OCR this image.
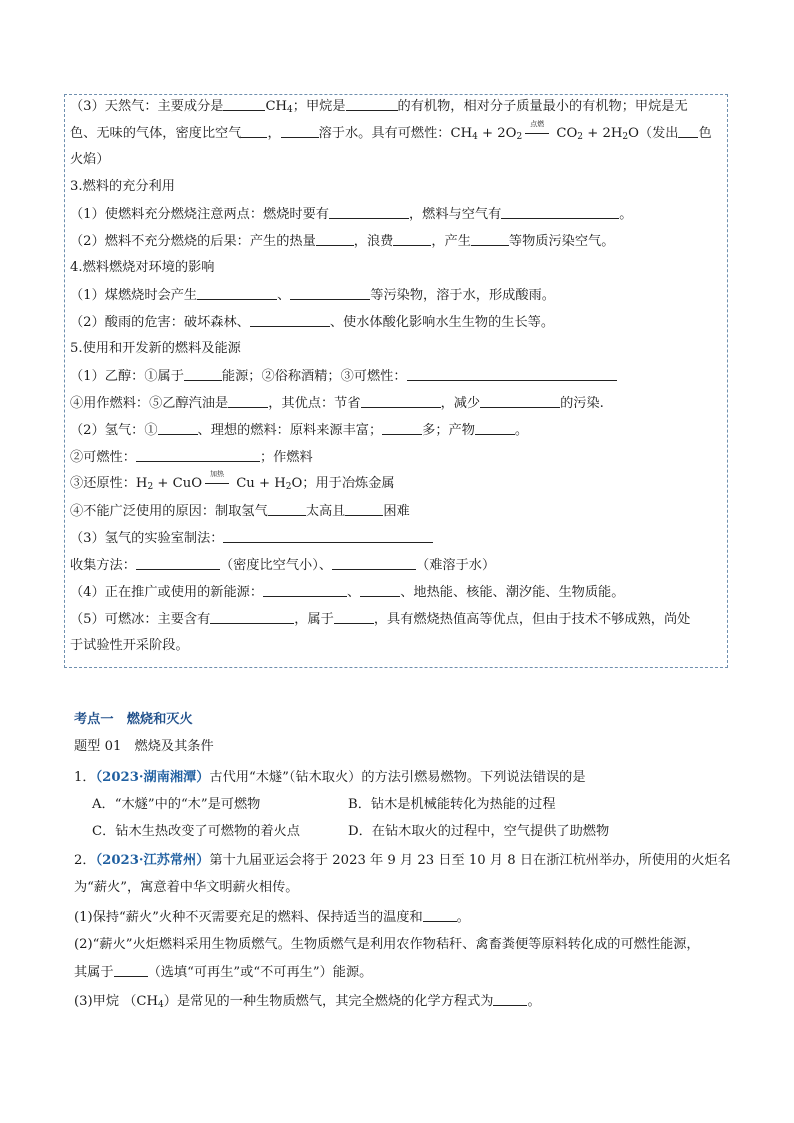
（3）天然气：主要成分是	$CH_4$；甲烷是	的有机物，相对分子质量最小的有机物；甲烷是无
色、无味的气体，密度比空气 ，	溶于水。具有可燃性：$CH_4 + 2O_2$
点燃
$CO_2 + 2H_2O$（发出 色
火焰）
3.燃料的充分利用
（1）使燃料充分燃烧注意两点：燃烧时要有	，燃料与空气有	。
（2）燃料不充分燃烧的后果：产生的热量	，浪费	，产生	等物质污染空气。
4.燃料燃烧对环境的影响
（1）煤燃烧时会产生	、	等污染物，溶于水，形成酸雨。
（2）酸雨的危害：破坏森林、	、使水体酸化影响水生生物的生长等。
5.使用和开发新的燃料及能源
（1）乙醇：①属于	能源；②俗称酒精；③可燃性：
④用作燃料：⑤乙醇汽油是	，其优点：节省	，减少	的污染.
（2）氢气：①	、理想的燃料：原料来源丰富；	多；产物	。
②可燃性：	；作燃料
③还原性：$H_2$ + CuO
加热
$Cu + H_2O$；用于冶炼金属
④不能广泛使用的原因：制取氢气	太高且	困难
（3）氢气的实验室制法：
收集方法：	（密度比空气小）、	（难溶于水）
（4）正在推广或使用的新能源：	、	、地热能、核能、潮汐能、生物质能。
（5）可燃冰：主要含有	，属于	，具有燃烧热值高等优点，但由于技术不够成熟，尚处
于试验性开采阶段。
考点一　燃烧和灭火
题型 01　燃烧及其条件
1．（2023·湖南湘潭）古代用“木燧”（钻木取火）的方法引燃易燃物。下列说法错误的是
A．“木燧”中的“木”是可燃物	B．钻木是机械能转化为热能的过程
C．钻木生热改变了可燃物的着火点	D．在钻木取火的过程中，空气提供了助燃物
2．（2023·江苏常州）第十九届亚运会将于 2023 年 9 月 23 日至 10 月 8 日在浙江杭州举办，所使用的火炬名
为“薪火”，寓意着中华文明薪火相传。
(1)保持“薪火”火种不灭需要充足的燃料、保持适当的温度和	。
(2)“薪火”火炬燃料采用生物质燃气。生物质燃气是利用农作物秸秆、禽畜粪便等原料转化成的可燃性能源，
其属于	（选填“可再生”或“不可再生”）能源。
(3)甲烷 $(CH_4)$是常见的一种生物质燃气，其完全燃烧的化学方程式为	。
